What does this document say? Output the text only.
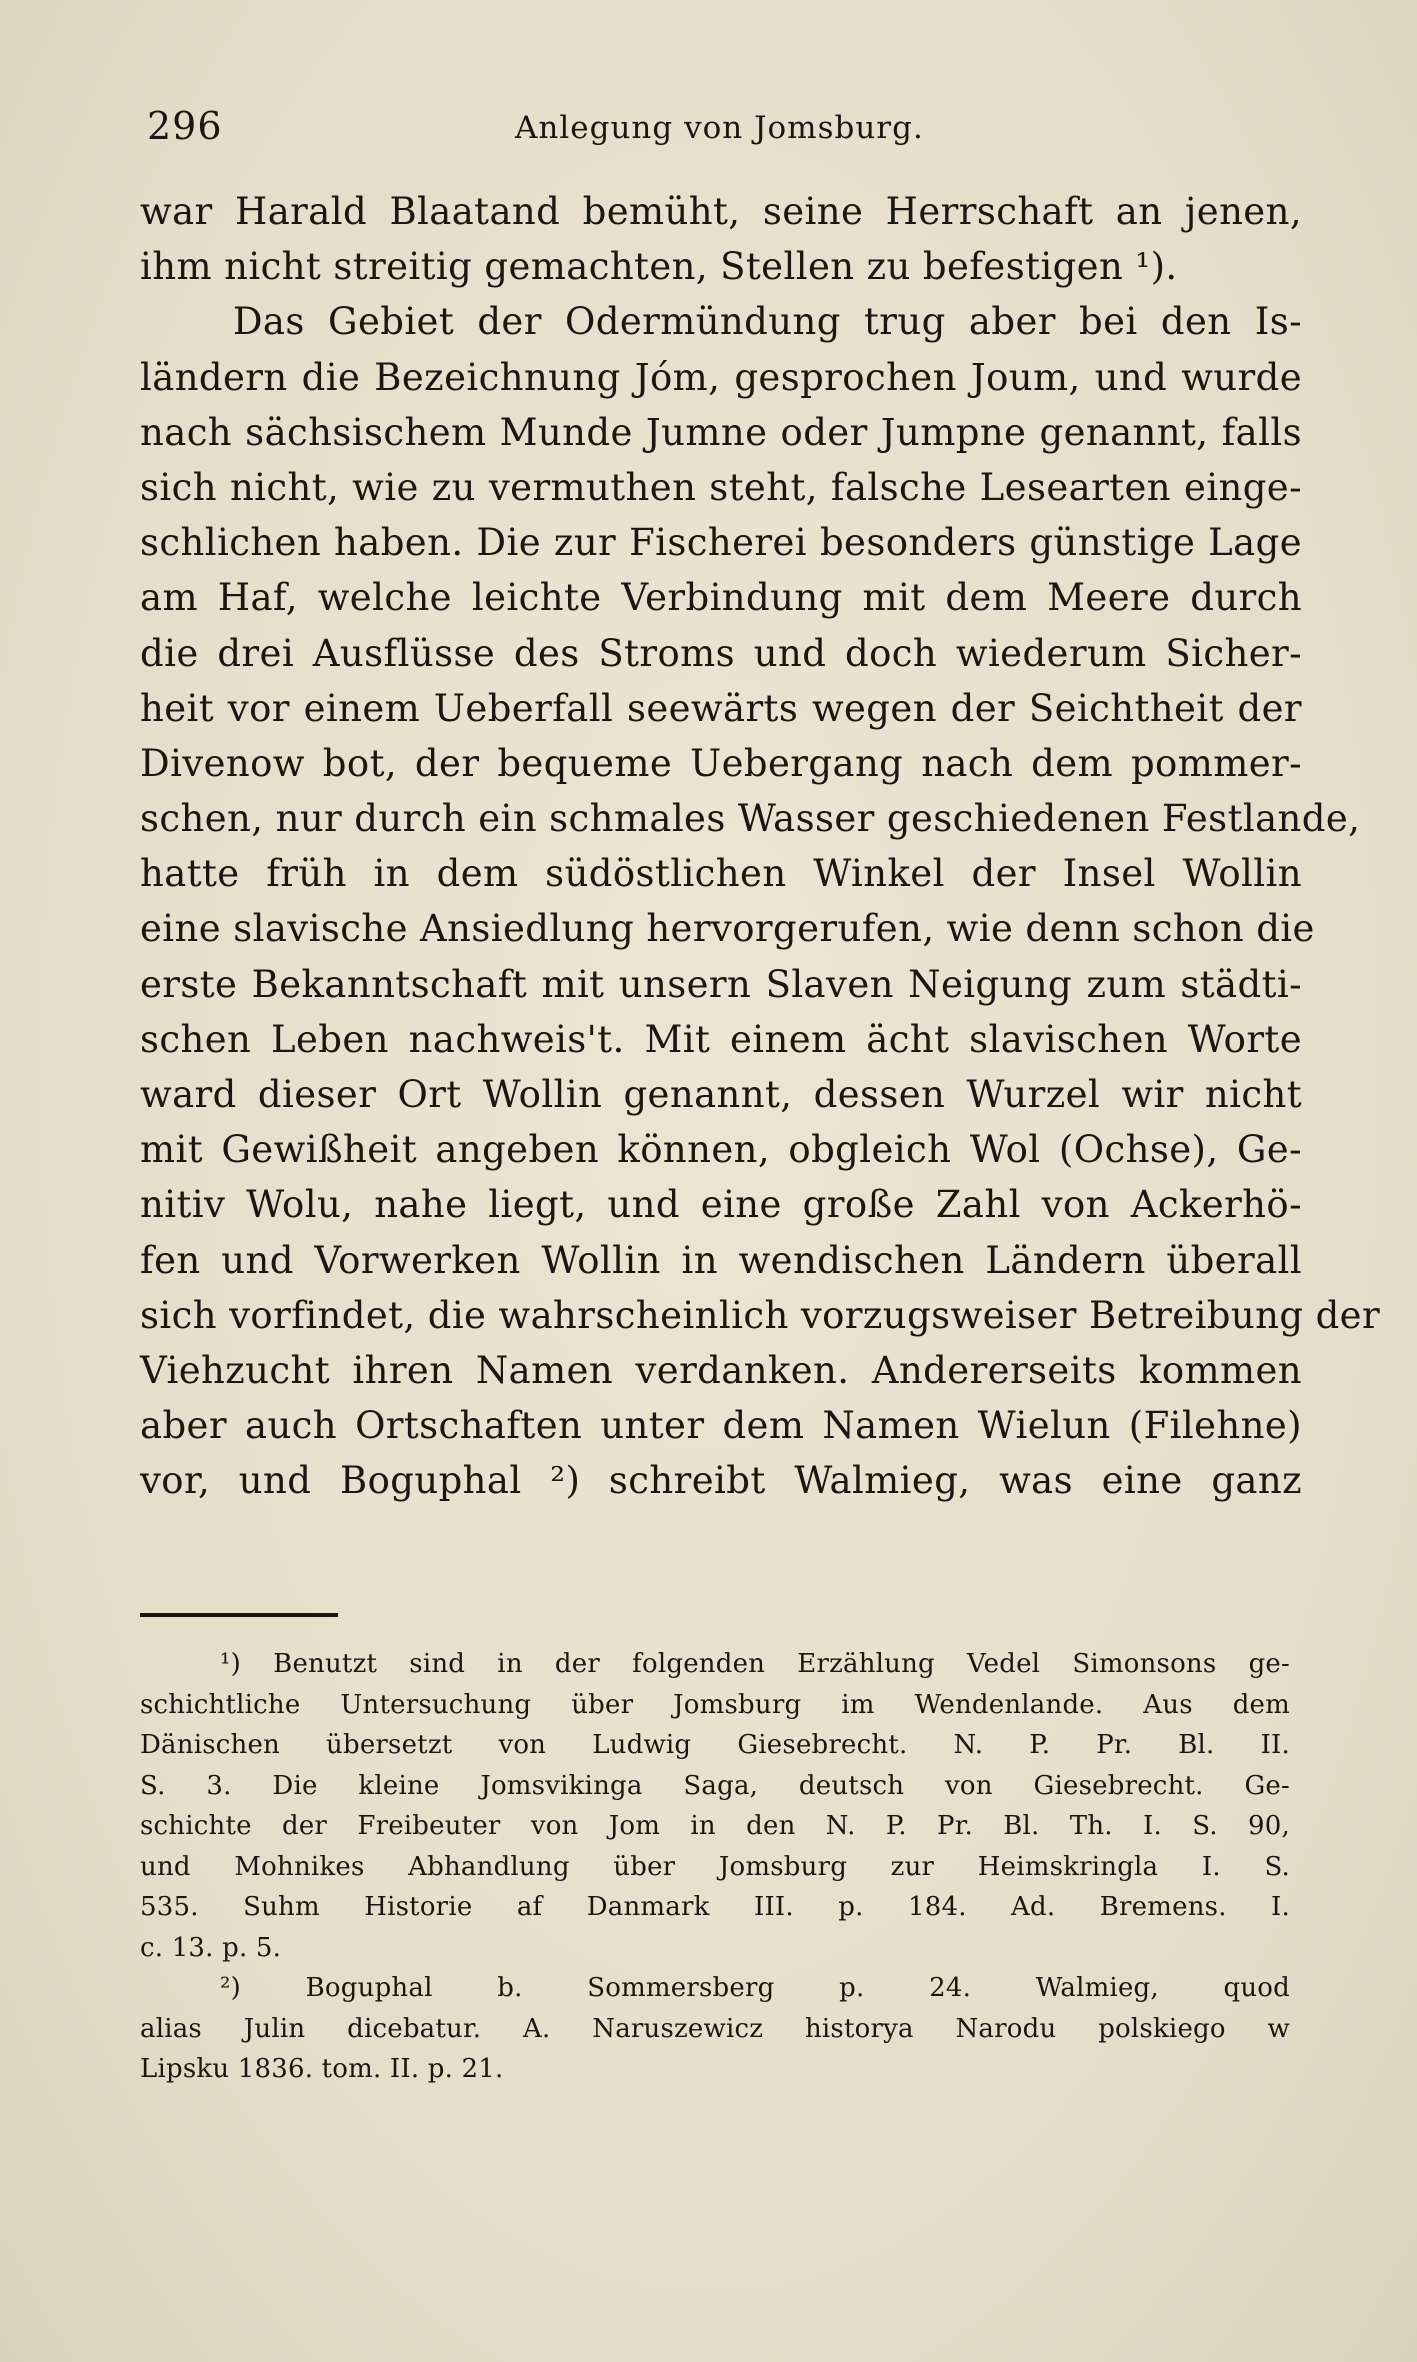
296	Anlegung von Jomsburg.
war Harald Blaatand bemüht, seine Herrschaft an jenen,
ihm nicht streitig gemachten, Stellen zu befestigen ¹).
Das Gebiet der Odermündung trug aber bei den Is-
ländern die Bezeichnung Jóm, gesprochen Joum, und wurde
nach sächsischem Munde Jumne oder Jumpne genannt, falls
sich nicht, wie zu vermuthen steht, falsche Lesearten einge-
schlichen haben. Die zur Fischerei besonders günstige Lage
am Haf, welche leichte Verbindung mit dem Meere durch
die drei Ausflüsse des Stroms und doch wiederum Sicher-
heit vor einem Ueberfall seewärts wegen der Seichtheit der
Divenow bot, der bequeme Uebergang nach dem pommer-
schen, nur durch ein schmales Wasser geschiedenen Festlande,
hatte früh in dem südöstlichen Winkel der Insel Wollin
eine slavische Ansiedlung hervorgerufen, wie denn schon die
erste Bekanntschaft mit unsern Slaven Neigung zum städti-
schen Leben nachweis't. Mit einem ächt slavischen Worte
ward dieser Ort Wollin genannt, dessen Wurzel wir nicht
mit Gewißheit angeben können, obgleich Wol (Ochse), Ge-
nitiv Wolu, nahe liegt, und eine große Zahl von Ackerhö-
fen und Vorwerken Wollin in wendischen Ländern überall
sich vorfindet, die wahrscheinlich vorzugsweiser Betreibung der
Viehzucht ihren Namen verdanken. Andererseits kommen
aber auch Ortschaften unter dem Namen Wielun (Filehne)
vor, und Boguphal ²) schreibt Walmieg, was eine ganz
¹) Benutzt sind in der folgenden Erzählung Vedel Simonsons ge-
schichtliche Untersuchung über Jomsburg im Wendenlande. Aus dem
Dänischen übersetzt von Ludwig Giesebrecht. N. P. Pr. Bl. II.
S. 3. Die kleine Jomsvikinga Saga, deutsch von Giesebrecht. Ge-
schichte der Freibeuter von Jom in den N. P. Pr. Bl. Th. I. S. 90,
und Mohnikes Abhandlung über Jomsburg zur Heimskringla I. S.
535. Suhm Historie af Danmark III. p. 184. Ad. Bremens. I.
c. 13. p. 5.
²) Boguphal b. Sommersberg p. 24. Walmieg, quod
alias Julin dicebatur. A. Naruszewicz historya Narodu polskiego w
Lipsku 1836. tom. II. p. 21.
